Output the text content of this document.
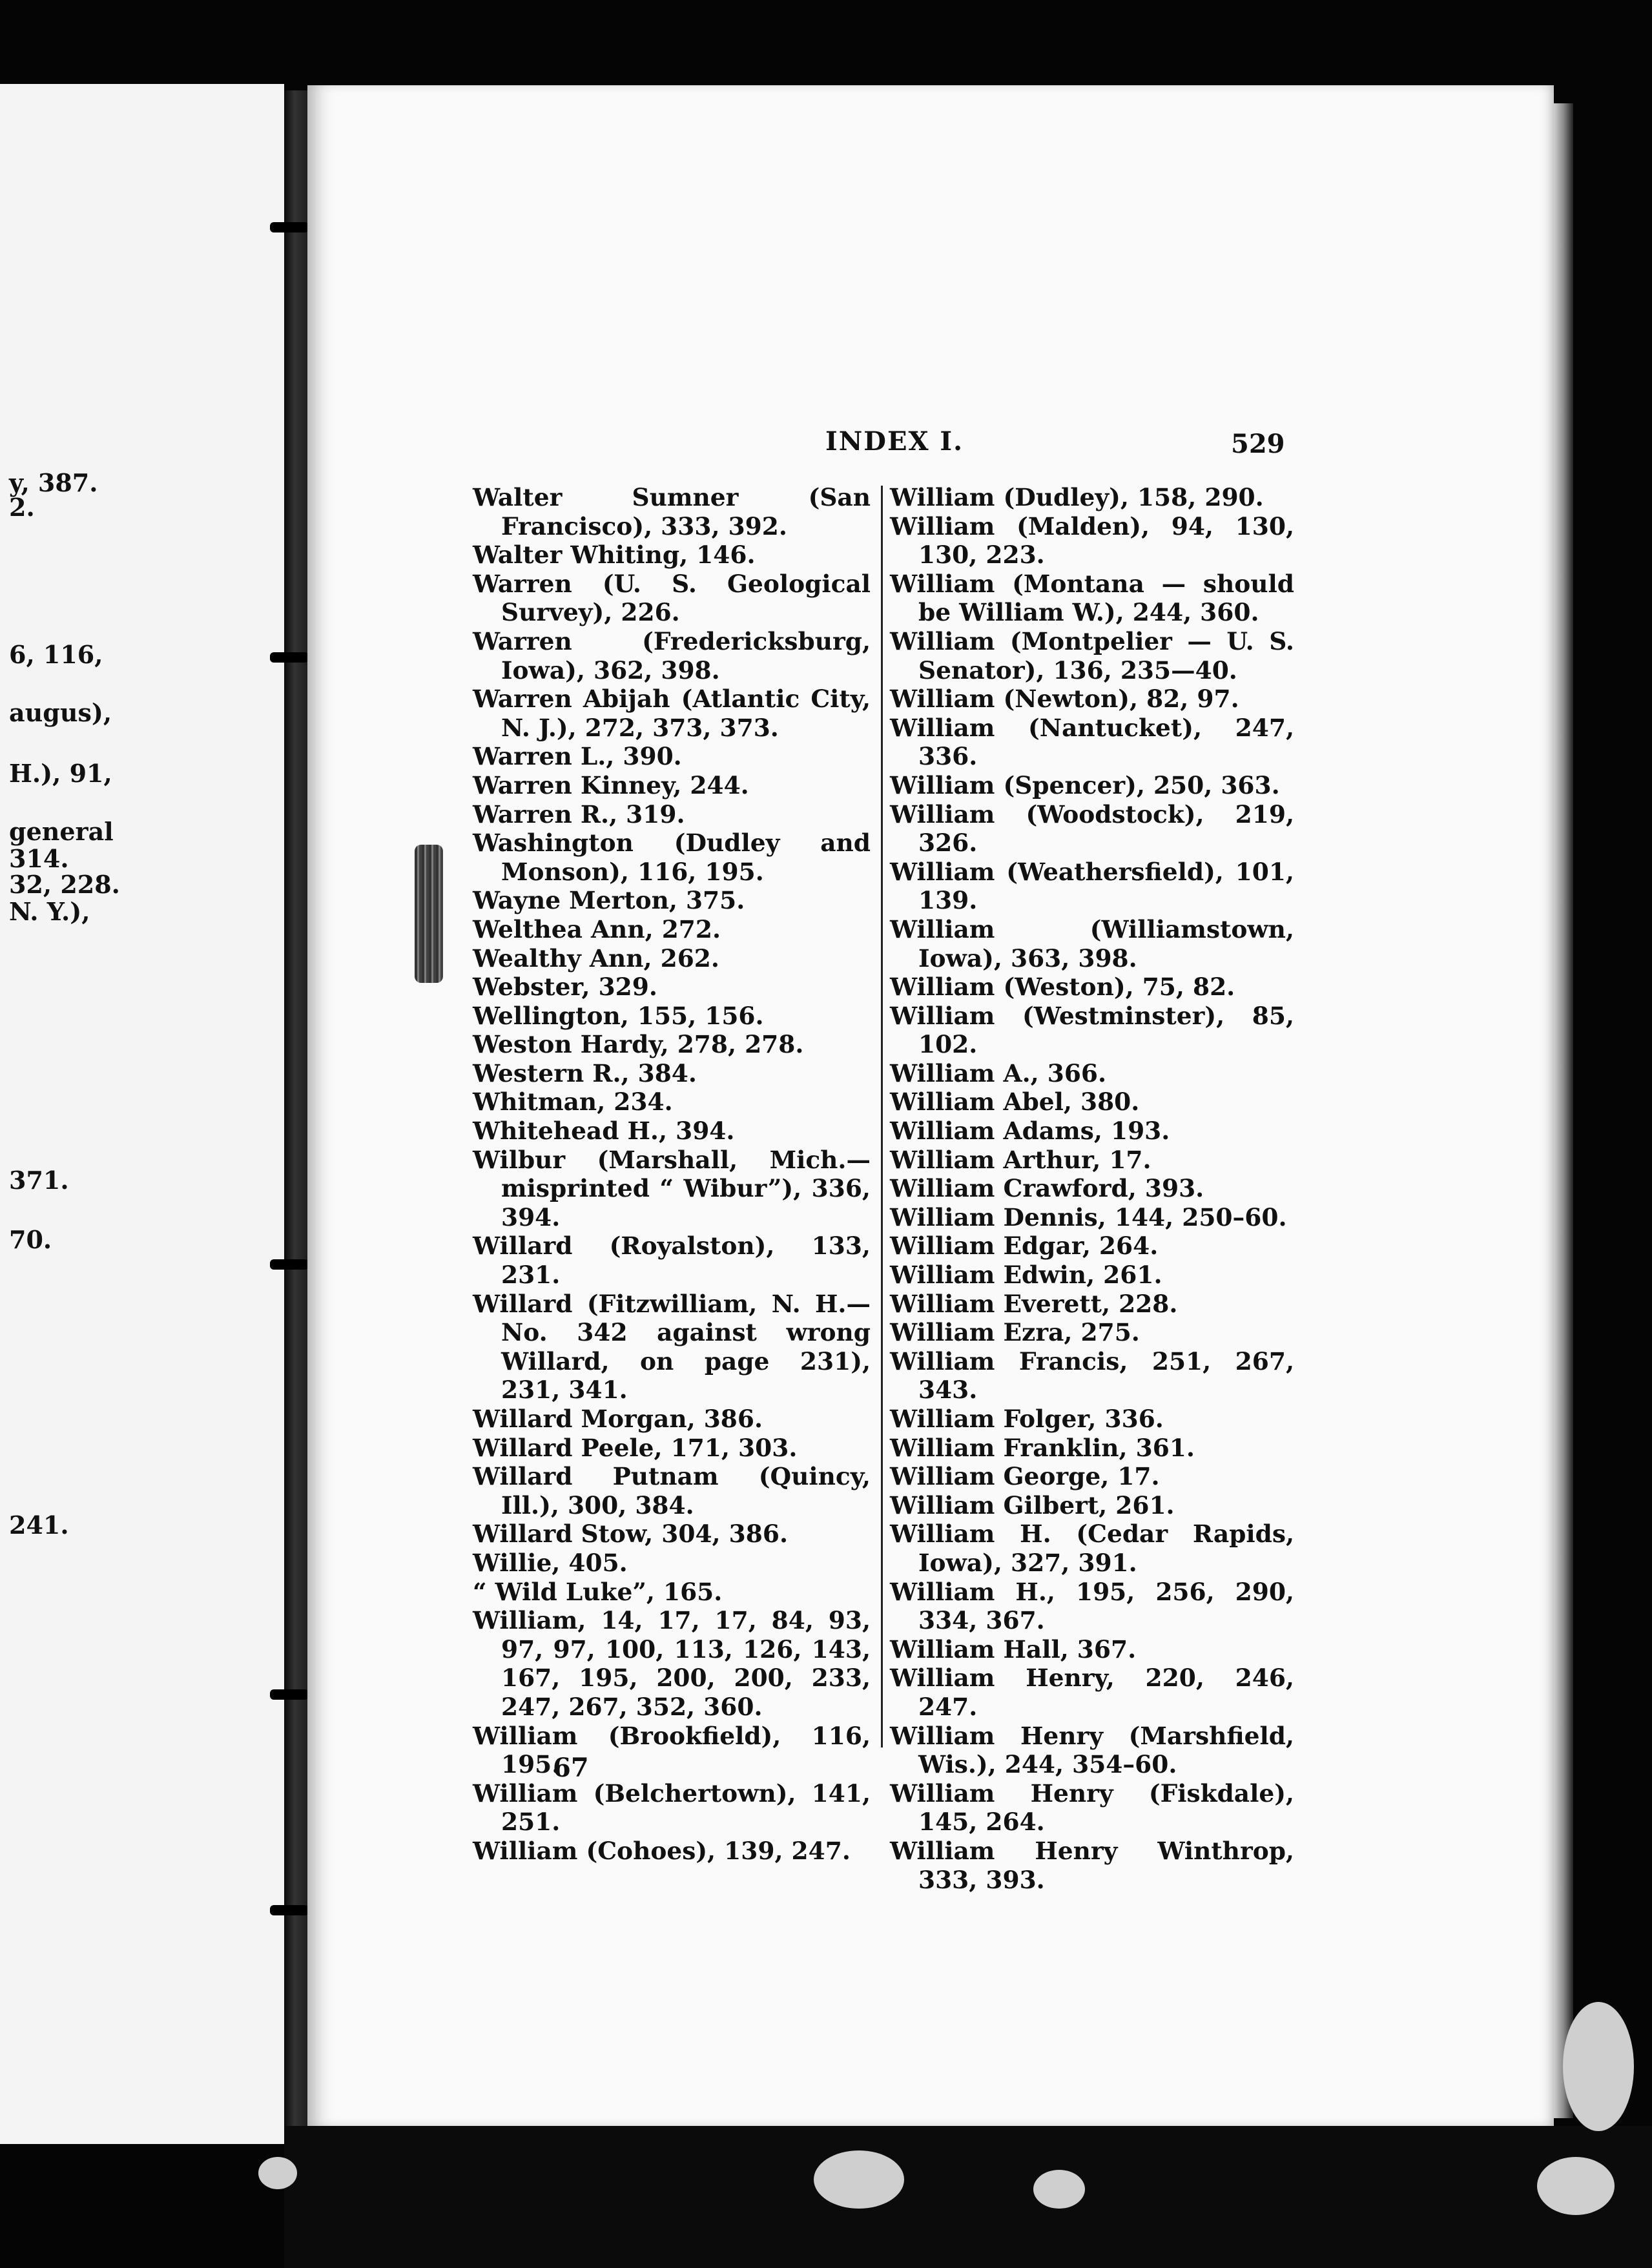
y, 387.
2.
6, 116,
augus),
H.), 91,
general
314.
32, 228.
N. Y.),
371.
70.
241.
INDEX I.	529

Walter Sumner (San Francisco), 333, 392.

Walter Whiting, 146.

Warren (U. S. Geological Survey), 226.

Warren (Fredericksburg, Iowa), 362, 398.

Warren Abijah (Atlantic City, N. J.), 272, 373, 373.

Warren L., 390.

Warren Kinney, 244.

Warren R., 319.

Washington (Dudley and Monson), 116, 195.

Wayne Merton, 375.

Welthea Ann, 272.

Wealthy Ann, 262.

Webster, 329.

Wellington, 155, 156.

Weston Hardy, 278, 278.

Western R., 384.

Whitman, 234.

Whitehead H., 394.

Wilbur (Marshall, Mich.— misprinted “ Wibur”), 336, 394.

Willard (Royalston), 133, 231.

Willard (Fitzwilliam, N. H.— No. 342 against wrong Willard, on page 231), 231, 341.

Willard Morgan, 386.

Willard Peele, 171, 303.

Willard Putnam (Quincy, Ill.), 300, 384.

Willard Stow, 304, 386.

Willie, 405.

“ Wild Luke”, 165.

William, 14, 17, 17, 84, 93, 97, 97, 100, 113, 126, 143, 167, 195, 200, 200, 233, 247, 267, 352, 360.

William (Brookfield), 116, 195.

William (Belchertown), 141, 251.

William (Cohoes), 139, 247.

William (Dudley), 158, 290.

William (Malden), 94, 130, 130, 223.

William (Montana — should be William W.), 244, 360.

William (Montpelier — U. S. Senator), 136, 235—40.

William (Newton), 82, 97.

William (Nantucket), 247, 336.

William (Spencer), 250, 363.

William (Woodstock), 219, 326.

William (Weathersfield), 101, 139.

William (Williamstown, Iowa), 363, 398.

William (Weston), 75, 82.

William (Westminster), 85, 102.

William A., 366.

William Abel, 380.

William Adams, 193.

William Arthur, 17.

William Crawford, 393.

William Dennis, 144, 250–60.

William Edgar, 264.

William Edwin, 261.

William Everett, 228.

William Ezra, 275.

William Francis, 251, 267, 343.

William Folger, 336.

William Franklin, 361.

William George, 17.

William Gilbert, 261.

William H. (Cedar Rapids, Iowa), 327, 391.

William H., 195, 256, 290, 334, 367.

William Hall, 367.

William Henry, 220, 246, 247.

William Henry (Marshfield, Wis.), 244, 354–60.

William Henry (Fiskdale), 145, 264.

William Henry Winthrop, 333, 393.

67
